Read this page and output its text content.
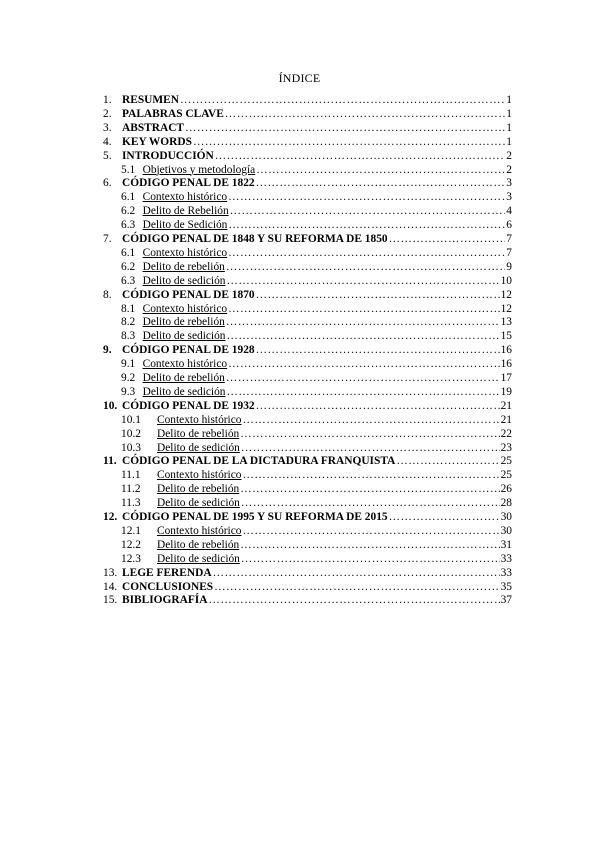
ÍNDICE
1. RESUMEN ………………………………………………………………………………………………………………………………………………	1
2. PALABRAS CLAVE ………………………………………………………………………………………………………………………………………………	1
3. ABSTRACT ………………………………………………………………………………………………………………………………………………	1
4. KEY WORDS ………………………………………………………………………………………………………………………………………………	1
5. INTRODUCCIÓN ………………………………………………………………………………………………………………………………………………	2
5.1 Objetivos y metodología ………………………………………………………………………………………………………………………………………………	2
6. CÓDIGO PENAL DE 1822 ………………………………………………………………………………………………………………………………………………	3
6.1 Contexto histórico ………………………………………………………………………………………………………………………………………………	3
6.2 Delito de Rebelión ………………………………………………………………………………………………………………………………………………	4
6.3 Delito de Sedición ………………………………………………………………………………………………………………………………………………	6
7. CÓDIGO PENAL DE 1848 Y SU REFORMA DE 1850 ………………………………………………………………………………………………………………………………………………	7
6.1 Contexto histórico ………………………………………………………………………………………………………………………………………………	7
6.2 Delito de rebelión ………………………………………………………………………………………………………………………………………………	9
6.3 Delito de sedición ………………………………………………………………………………………………………………………………………………	10
8. CÓDIGO PENAL DE 1870 ………………………………………………………………………………………………………………………………………………	12
8.1 Contexto histórico ………………………………………………………………………………………………………………………………………………	12
8.2 Delito de rebelión ………………………………………………………………………………………………………………………………………………	13
8.3 Delito de sedición ………………………………………………………………………………………………………………………………………………	15
9. CÓDIGO PENAL DE 1928 ………………………………………………………………………………………………………………………………………………	16
9.1 Contexto histórico ………………………………………………………………………………………………………………………………………………	16
9.2 Delito de rebelión ………………………………………………………………………………………………………………………………………………	17
9.3 Delito de sedición ………………………………………………………………………………………………………………………………………………	19
10. CÓDIGO PENAL DE 1932 ………………………………………………………………………………………………………………………………………………	21
10.1 Contexto histórico ………………………………………………………………………………………………………………………………………………	21
10.2 Delito de rebelión ………………………………………………………………………………………………………………………………………………	22
10.3 Delito de sedición ………………………………………………………………………………………………………………………………………………	23
11. CÓDIGO PENAL DE LA DICTADURA FRANQUISTA ………………………………………………………………………………………………………………………………………………	25
11.1 Contexto histórico ………………………………………………………………………………………………………………………………………………	25
11.2 Delito de rebelión ………………………………………………………………………………………………………………………………………………	26
11.3 Delito de sedición ………………………………………………………………………………………………………………………………………………	28
12. CÓDIGO PENAL DE 1995 Y SU REFORMA DE 2015 ………………………………………………………………………………………………………………………………………………	30
12.1 Contexto histórico ………………………………………………………………………………………………………………………………………………	30
12.2 Delito de rebelión ………………………………………………………………………………………………………………………………………………	31
12.3 Delito de sedición ………………………………………………………………………………………………………………………………………………	33
13. LEGE FERENDA ………………………………………………………………………………………………………………………………………………	33
14. CONCLUSIONES ………………………………………………………………………………………………………………………………………………	35
15. BIBLIOGRAFÍA ………………………………………………………………………………………………………………………………………………	37
